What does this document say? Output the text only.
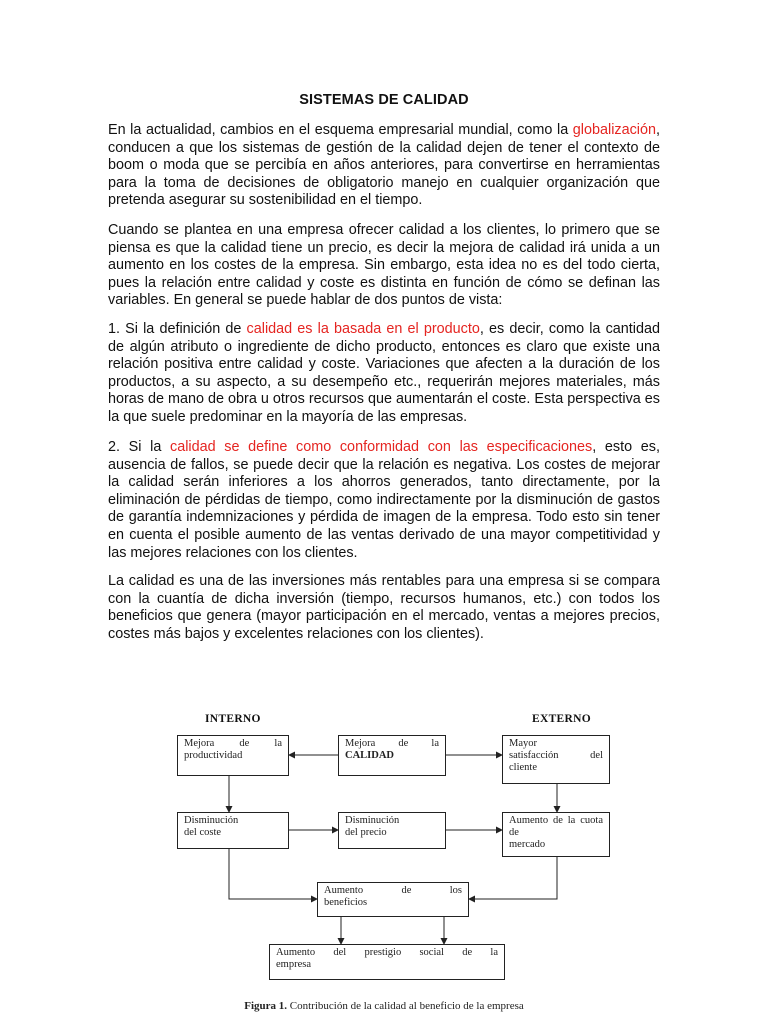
SISTEMAS DE CALIDAD

En la actualidad, cambios en el esquema empresarial mundial, como la globalización, conducen a que los sistemas de gestión de la calidad dejen de tener el contexto de boom o moda que se percibía en años anteriores, para convertirse en herramientas para la toma de decisiones de obligatorio manejo en cualquier organización que pretenda asegurar su sostenibilidad en el tiempo.

Cuando se plantea en una empresa ofrecer calidad a los clientes, lo primero que se piensa es que la calidad tiene un precio, es decir la mejora de calidad irá unida a un aumento en los costes de la empresa. Sin embargo, esta idea no es del todo cierta, pues la relación entre calidad y coste es distinta en función de cómo se definan las variables. En general se puede hablar de dos puntos de vista:

1. Si la definición de calidad es la basada en el producto, es decir, como la cantidad de algún atributo o ingrediente de dicho producto, entonces es claro que existe una relación positiva entre calidad y coste. Variaciones que afecten a la duración de los productos, a su aspecto, a su desempeño etc., requerirán mejores materiales, más horas de mano de obra u otros recursos que aumentarán el coste. Esta perspectiva es la que suele predominar en la mayoría de las empresas.

2. Si la calidad se define como conformidad con las especificaciones, esto es, ausencia de fallos, se puede decir que la relación es negativa. Los costes de mejorar la calidad serán inferiores a los ahorros generados, tanto directamente, por la eliminación de pérdidas de tiempo, como indirectamente por la disminución de gastos de garantía indemnizaciones y pérdida de imagen de la empresa. Todo esto sin tener en cuenta el posible aumento de las ventas derivado de una mayor competitividad y las mejores relaciones con los clientes.

La calidad es una de las inversiones más rentables para una empresa si se compara con la cuantía de dicha inversión (tiempo, recursos humanos, etc.) con todos los beneficios que genera (mayor participación en el mercado, ventas a mejores precios, costes más bajos y excelentes relaciones con los clientes).

INTERNO	EXTERNO
Mejora de la
productividad
Mejora de la
CALIDAD
Mayor
satisfacción del
cliente
Disminución
del coste
Disminución
del precio
Aumento de la cuota de
mercado
Aumento de los
beneficios
Aumento del prestigio social de la
empresa
Figura 1. Contribución de la calidad al beneficio de la empresa
